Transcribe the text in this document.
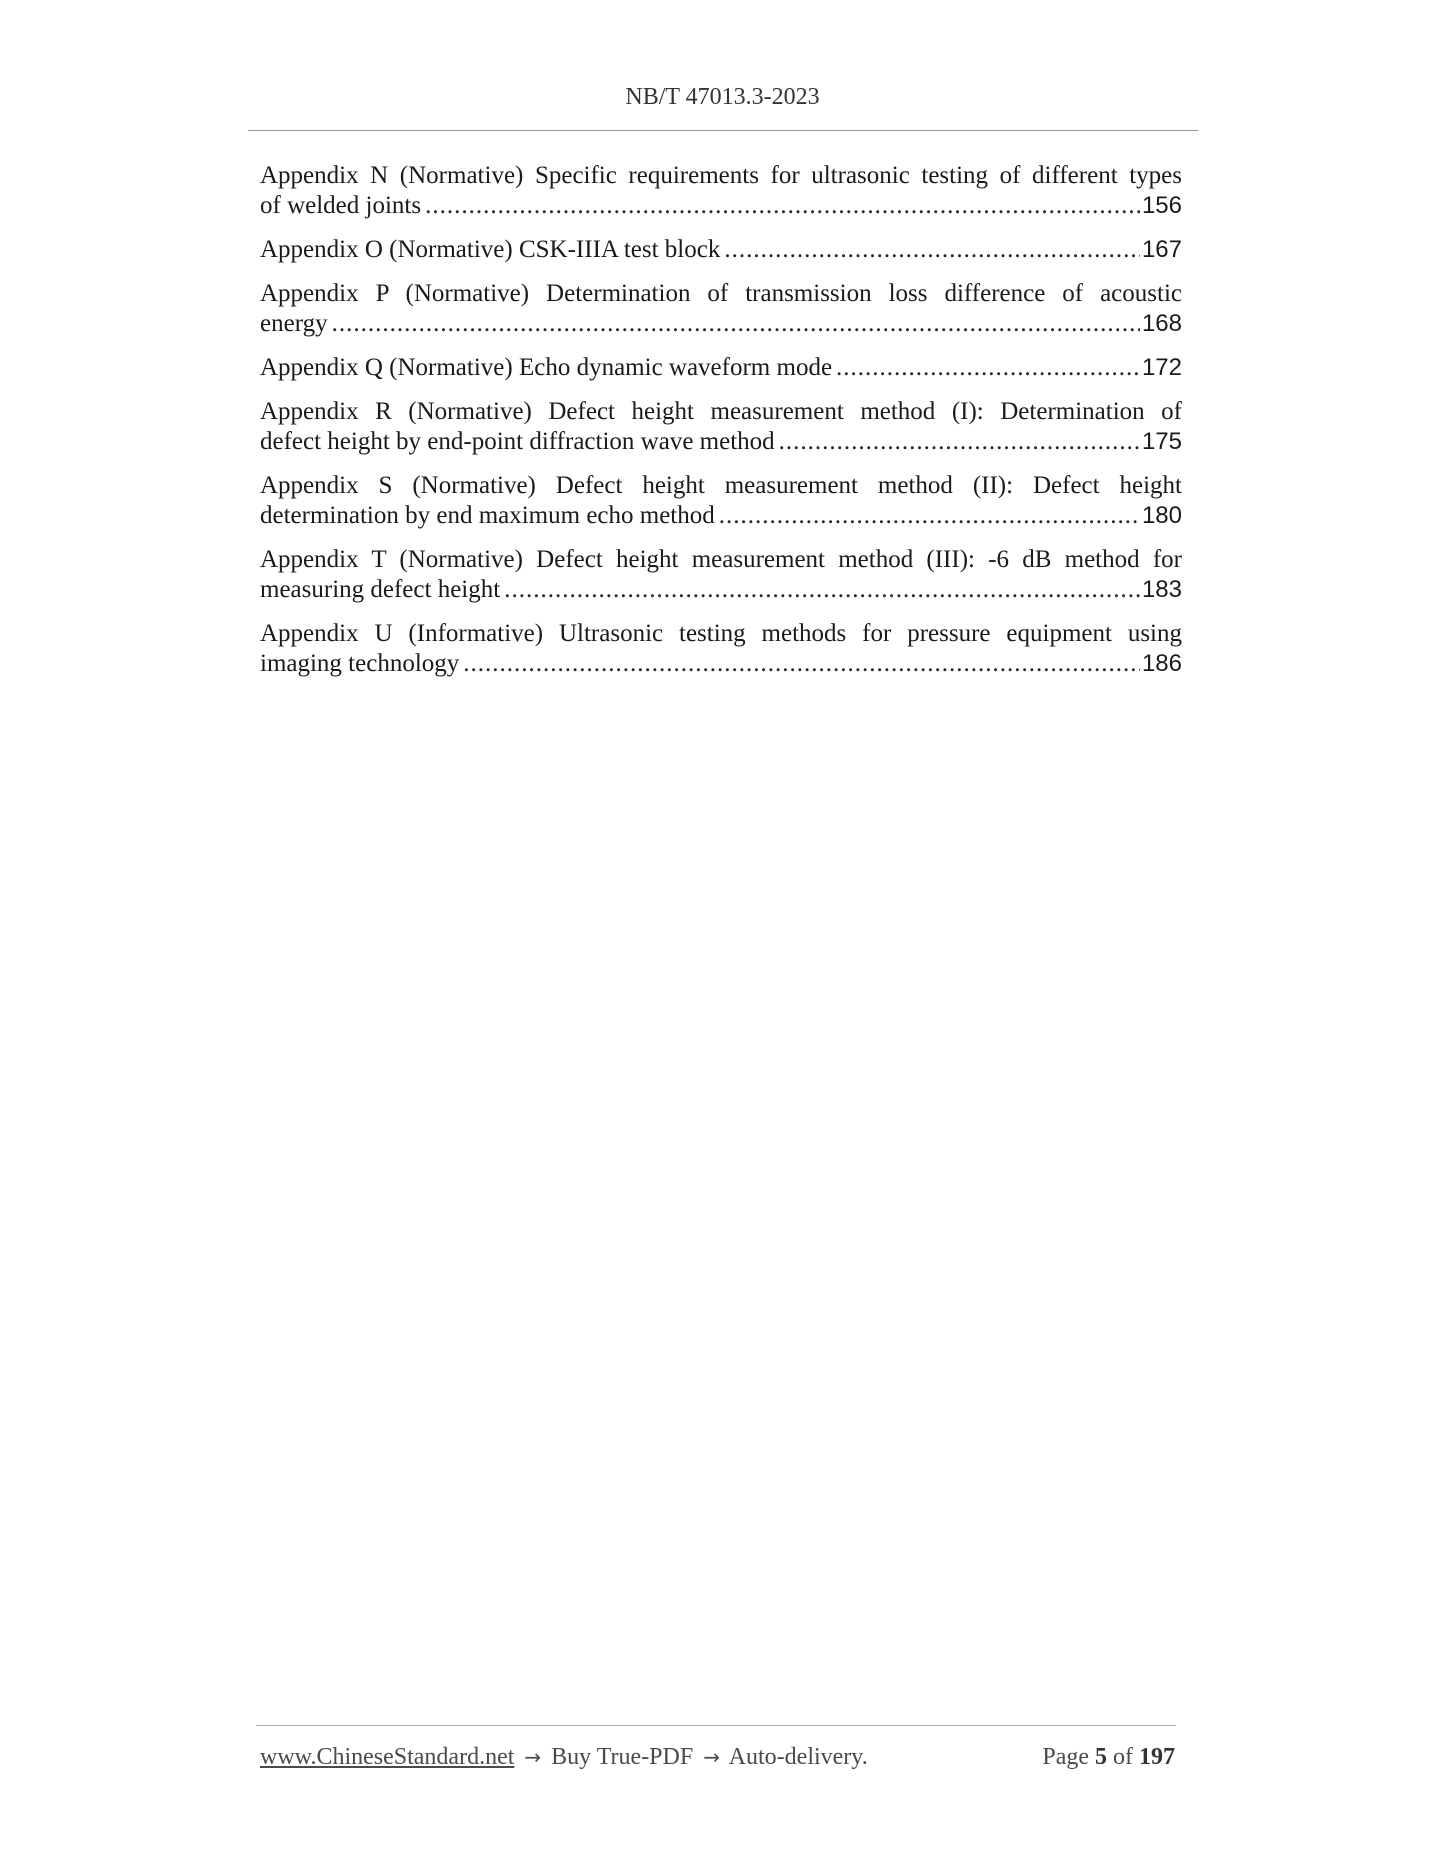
NB/T 47013.3-2023
Appendix N (Normative) Specific requirements for ultrasonic testing of different types
of welded joints .....	156
Appendix O (Normative) CSK-IIIA test block .....	167
Appendix P (Normative) Determination of transmission loss difference of acoustic
energy .....	168
Appendix Q (Normative) Echo dynamic waveform mode .....	172
Appendix R (Normative) Defect height measurement method (I): Determination of
defect height by end-point diffraction wave method .....	175
Appendix S (Normative) Defect height measurement method (II): Defect height
determination by end maximum echo method .....	180
Appendix T (Normative) Defect height measurement method (III): -6 dB method for
measuring defect height .....	183
Appendix U (Informative) Ultrasonic testing methods for pressure equipment using
imaging technology .....	186
www.ChineseStandard.net → Buy True-PDF → Auto-delivery.	Page 5 of 197
